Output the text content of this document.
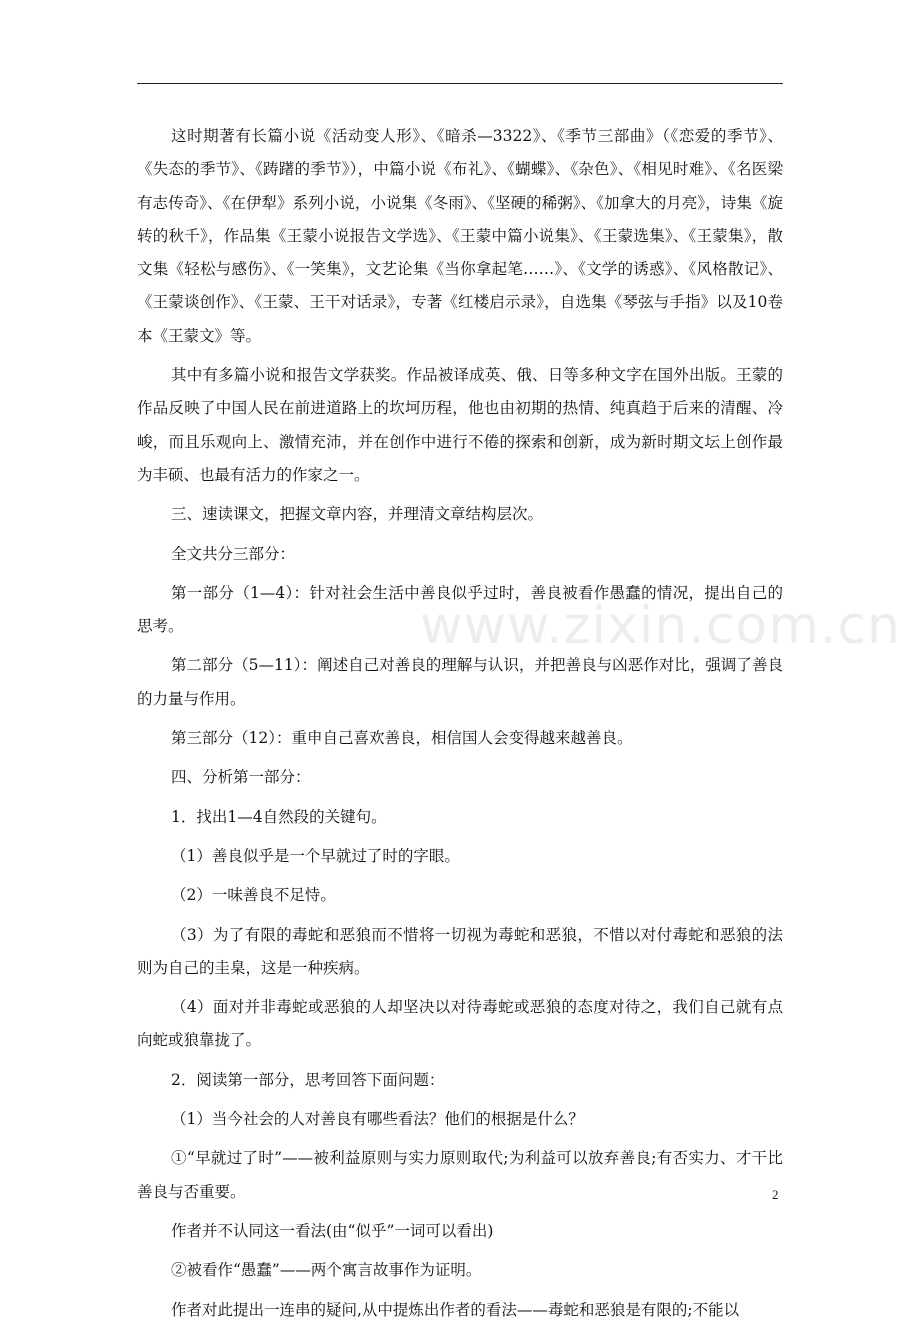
这时期著有长篇小说《活动变人形》、《暗杀—3322》、《季节三部曲》（《恋爱的季节》、《失态的季节》、《踌躇的季节》），中篇小说《布礼》、《蝴蝶》、《杂色》、《相见时难》、《名医梁有志传奇》、《在伊犁》系列小说，小说集《冬雨》、《坚硬的稀粥》、《加拿大的月亮》，诗集《旋转的秋千》，作品集《王蒙小说报告文学选》、《王蒙中篇小说集》、《王蒙选集》、《王蒙集》，散文集《轻松与感伤》、《一笑集》，文艺论集《当你拿起笔……》、《文学的诱惑》、《风格散记》、《王蒙谈创作》、《王蒙、王干对话录》，专著《红楼启示录》，自选集《琴弦与手指》以及10卷本《王蒙文》等。

其中有多篇小说和报告文学获奖。作品被译成英、俄、日等多种文字在国外出版。王蒙的作品反映了中国人民在前进道路上的坎坷历程，他也由初期的热情、纯真趋于后来的清醒、冷峻，而且乐观向上、激情充沛，并在创作中进行不倦的探索和创新，成为新时期文坛上创作最为丰硕、也最有活力的作家之一。

三、速读课文，把握文章内容，并理清文章结构层次。

全文共分三部分：

第一部分（1—4）：针对社会生活中善良似乎过时，善良被看作愚蠢的情况，提出自己的思考。

第二部分（5—11）：阐述自己对善良的理解与认识，并把善良与凶恶作对比，强调了善良的力量与作用。

第三部分（12）：重申自己喜欢善良，相信国人会变得越来越善良。

四、分析第一部分：

1．找出1—4自然段的关键句。

（1）善良似乎是一个早就过了时的字眼。

（2）一味善良不足恃。

（3）为了有限的毒蛇和恶狼而不惜将一切视为毒蛇和恶狼，不惜以对付毒蛇和恶狼的法则为自己的圭臬，这是一种疾病。

（4）面对并非毒蛇或恶狼的人却坚决以对待毒蛇或恶狼的态度对待之，我们自己就有点向蛇或狼靠拢了。

2．阅读第一部分，思考回答下面问题：

（1）当今社会的人对善良有哪些看法？他们的根据是什么？

①“早就过了时”——被利益原则与实力原则取代;为利益可以放弃善良;有否实力、才干比善良与否重要。

作者并不认同这一看法(由“似乎”一词可以看出)

②被看作“愚蠢”——两个寓言故事作为证明。

作者对此提出一连串的疑问,从中提炼出作者的看法——毒蛇和恶狼是有限的;不能以

www.zixin.com.cn
2
